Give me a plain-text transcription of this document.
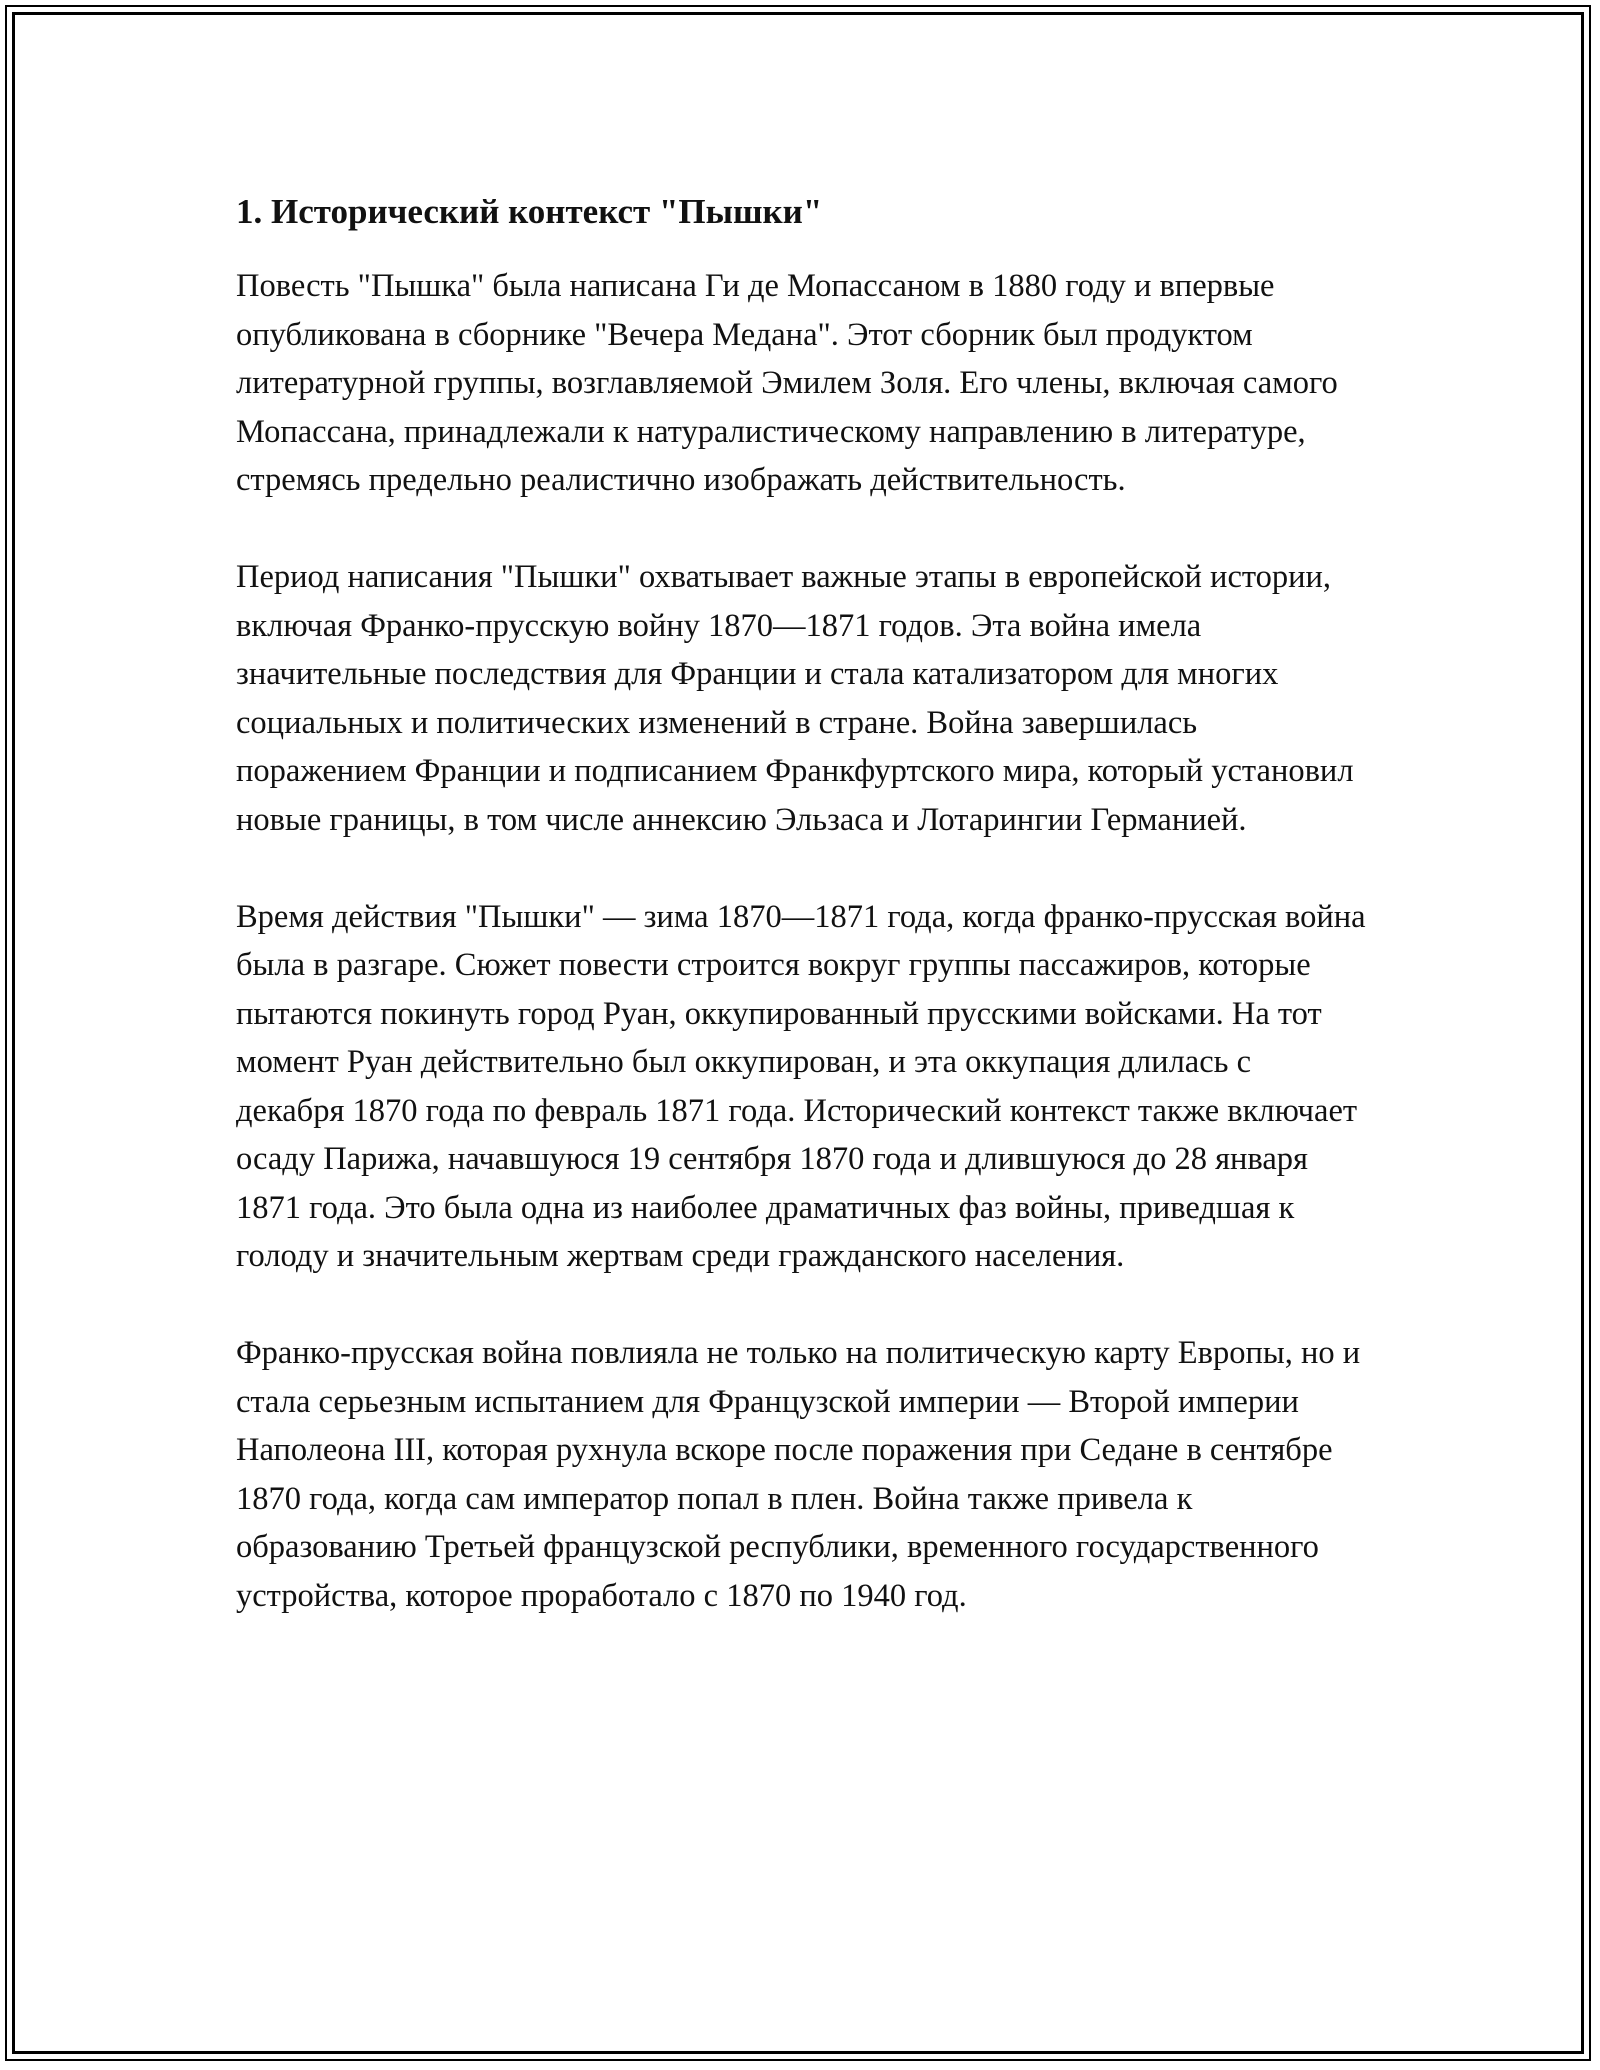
1. Исторический контекст "Пышки"

Повесть "Пышка" была написана Ги де Мопассаном в 1880 году и впервые опубликована в сборнике "Вечера Медана". Этот сборник был продуктом литературной группы, возглавляемой Эмилем Золя. Его члены, включая самого Мопассана, принадлежали к натуралистическому направлению в литературе, стремясь предельно реалистично изображать действительность.

Период написания "Пышки" охватывает важные этапы в европейской истории, включая Франко-прусскую войну 1870—1871 годов. Эта война имела значительные последствия для Франции и стала катализатором для многих социальных и политических изменений в стране. Война завершилась поражением Франции и подписанием Франкфуртского мира, который установил новые границы, в том числе аннексию Эльзаса и Лотарингии Германией.

Время действия "Пышки" — зима 1870—1871 года, когда франко-прусская война была в разгаре. Сюжет повести строится вокруг группы пассажиров, которые пытаются покинуть город Руан, оккупированный прусскими войсками. На тот момент Руан действительно был оккупирован, и эта оккупация длилась с декабря 1870 года по февраль 1871 года. Исторический контекст также включает осаду Парижа, начавшуюся 19 сентября 1870 года и длившуюся до 28 января 1871 года. Это была одна из наиболее драматичных фаз войны, приведшая к голоду и значительным жертвам среди гражданского населения.

Франко-прусская война повлияла не только на политическую карту Европы, но и стала серьезным испытанием для Французской империи — Второй империи Наполеона III, которая рухнула вскоре после поражения при Седане в сентябре 1870 года, когда сам император попал в плен. Война также привела к образованию Третьей французской республики, временного государственного устройства, которое проработало с 1870 по 1940 год.
